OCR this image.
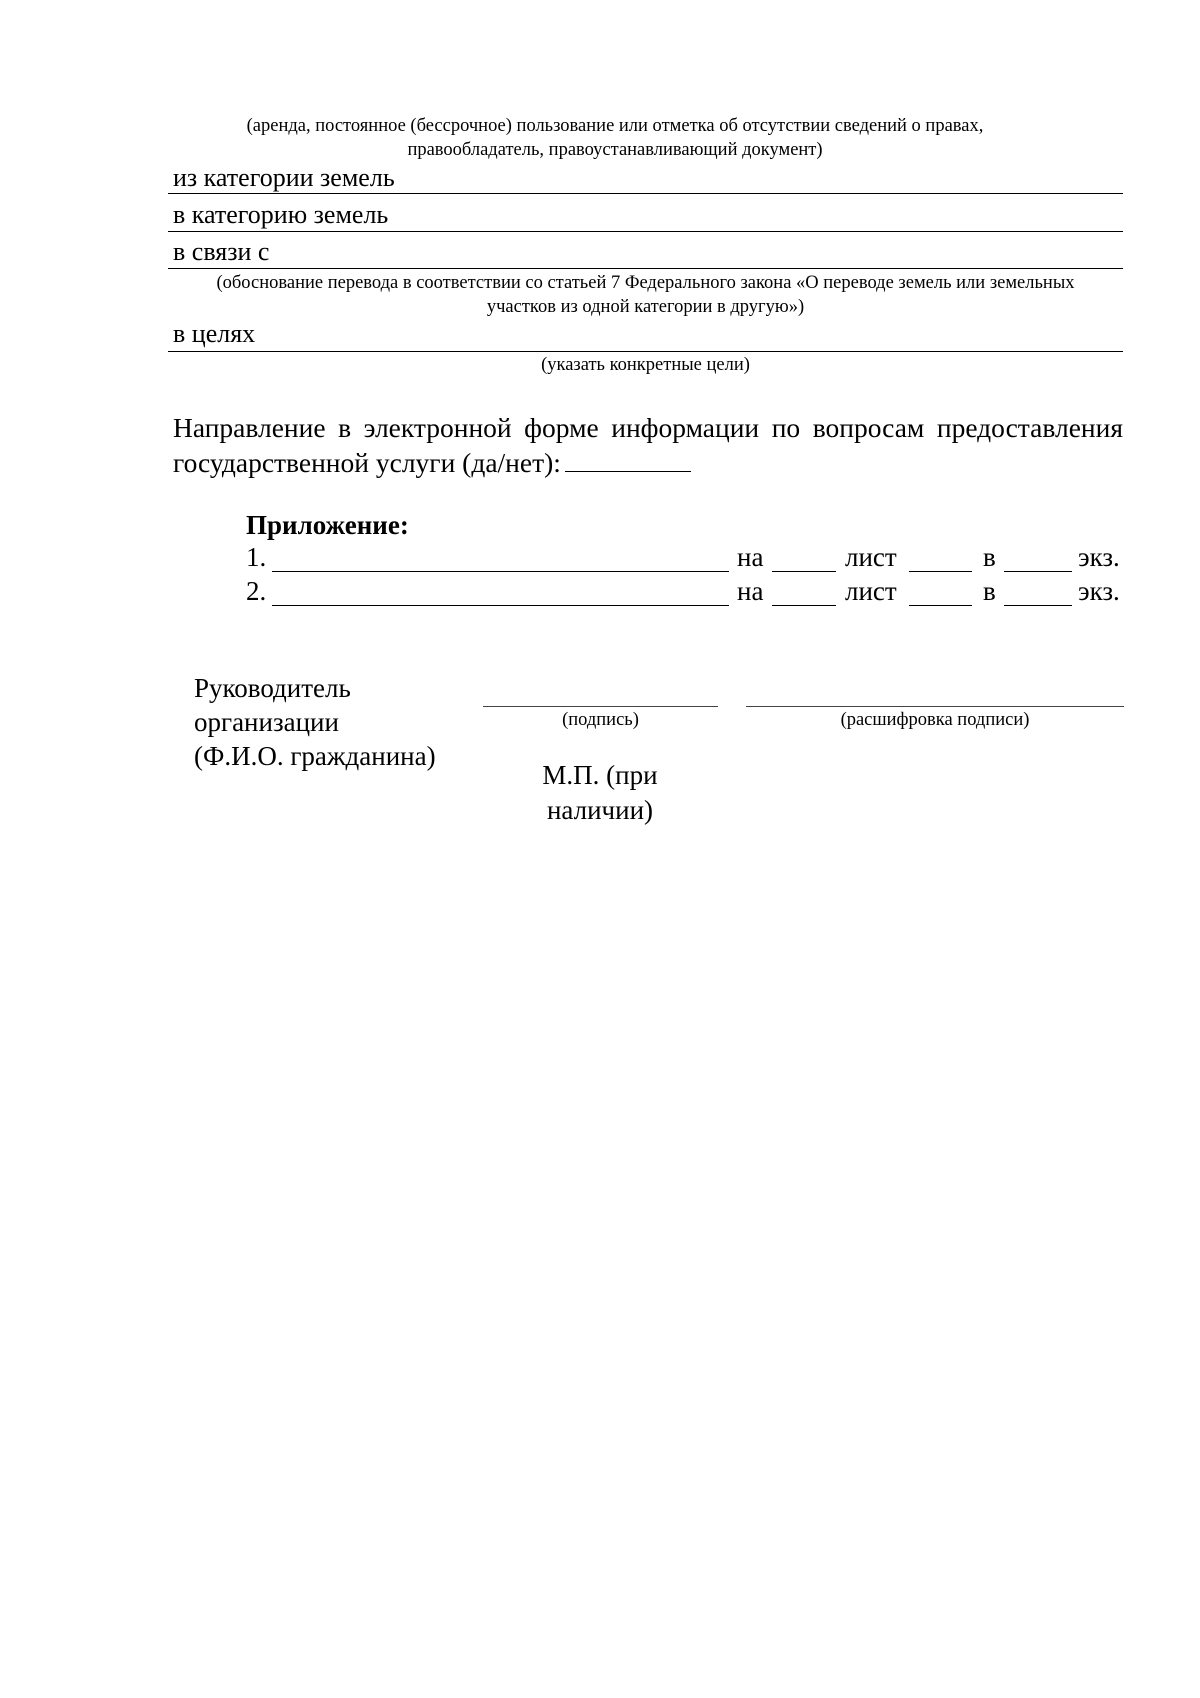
(аренда, постоянное (бессрочное) пользование или отметка об отсутствии сведений о правах,
правообладатель, правоустанавливающий документ)
из категории земель
в категорию земель
в связи с
(обоснование перевода в соответствии со статьей 7 Федерального закона «О переводе земель или земельных
участков из одной категории в другую»)
в целях
(указать конкретные цели)
Направление в электронной форме информации по вопросам предоставления
государственной услуги (да/нет):
Приложение:
1.	на	лист	в	экз.
2.	на	лист	в	экз.
Руководитель
организации
(Ф.И.О. гражданина)
(подпись)	(расшифровка подписи)
М.П. (при
наличии)
